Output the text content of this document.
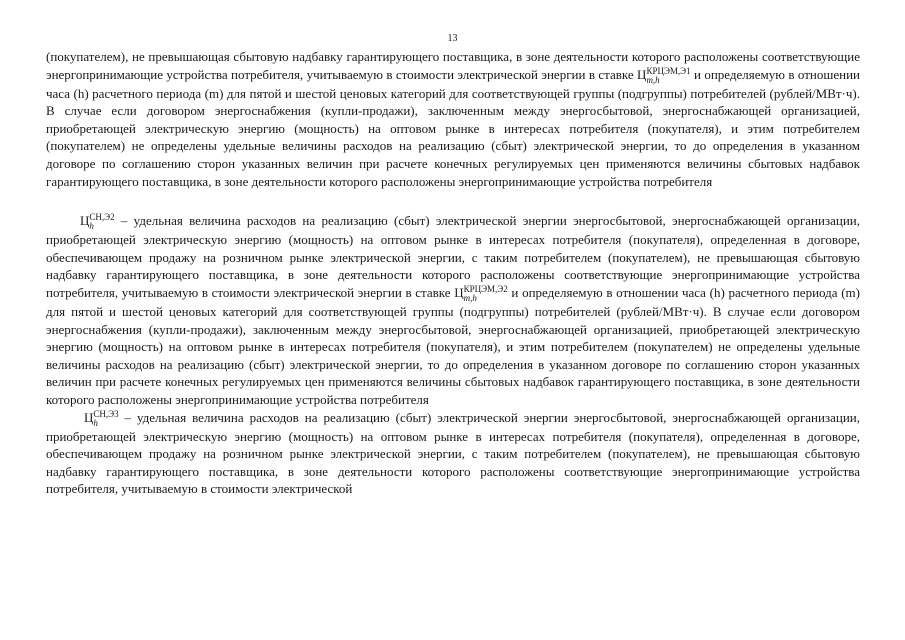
13

(покупателем), не превышающая сбытовую надбавку гарантирующего поставщика, в зоне деятельности которого расположены соответствующие энергопринимающие устройства потребителя, учитываемую в стоимости электрической энергии в ставке Ц КРЦЭМ,Э1
m,h	и определяемую в отношении часа (h) расчетного периода (m) для пятой и шестой ценовых категорий для соответствующей группы (подгруппы) потребителей (рублей/МВт·ч). В случае если договором энергоснабжения (купли-продажи), заключенным между энергосбытовой, энергоснабжающей организацией, приобретающей электрическую энергию (мощность) на оптовом рынке в интересах потребителя (покупателя), и этим потребителем (покупателем) не определены удельные величины расходов на реализацию (сбыт) электрической энергии, то до определения в указанном договоре по соглашению сторон указанных величин при расчете конечных регулируемых цен применяются величины сбытовых надбавок гарантирующего поставщика, в зоне деятельности которого расположены энергопринимающие устройства потребителя

Ц СН,Э2
h	– удельная величина расходов на реализацию (сбыт) электрической энергии энергосбытовой, энергоснабжающей организации, приобретающей электрическую энергию (мощность) на оптовом рынке в интересах потребителя (покупателя), определенная в договоре, обеспечивающем продажу на розничном рынке электрической энергии, с таким потребителем (покупателем), не превышающая сбытовую надбавку гарантирующего поставщика, в зоне деятельности которого расположены соответствующие энергопринимающие устройства потребителя, учитываемую в стоимости электрической энергии в ставке Ц КРЦЭМ,Э2
m,h	и определяемую в отношении часа (h) расчетного периода (m) для пятой и шестой ценовых категорий для соответствующей группы (подгруппы) потребителей (рублей/МВт·ч). В случае если договором энергоснабжения (купли-продажи), заключенным между энергосбытовой, энергоснабжающей организацией, приобретающей электрическую энергию (мощность) на оптовом рынке в интересах потребителя (покупателя), и этим потребителем (покупателем) не определены удельные величины расходов на реализацию (сбыт) электрической энергии, то до определения в указанном договоре по соглашению сторон указанных величин при расчете конечных регулируемых цен применяются величины сбытовых надбавок гарантирующего поставщика, в зоне деятельности которого расположены энергопринимающие устройства потребителя

Ц СН,Э3
h	– удельная величина расходов на реализацию (сбыт) электрической энергии энергосбытовой, энергоснабжающей организации, приобретающей электрическую энергию (мощность) на оптовом рынке в интересах потребителя (покупателя), определенная в договоре, обеспечивающем продажу на розничном рынке электрической энергии, с таким потребителем (покупателем), не превышающая сбытовую надбавку гарантирующего поставщика, в зоне деятельности которого расположены соответствующие энергопринимающие устройства потребителя, учитываемую в стоимости электрической
